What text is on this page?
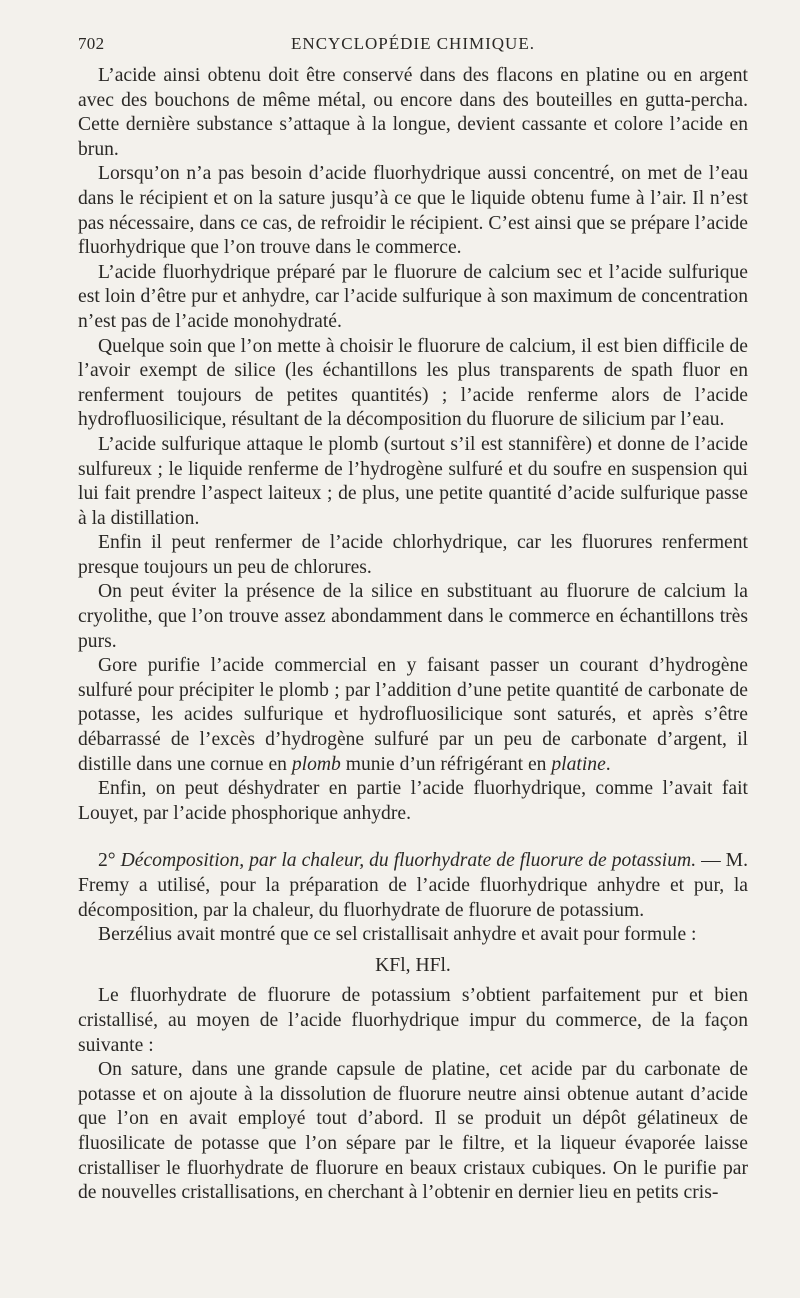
702	ENCYCLOPÉDIE CHIMIQUE.

L’acide ainsi obtenu doit être conservé dans des flacons en platine ou en argent avec des bouchons de même métal, ou encore dans des bouteilles en gutta-percha. Cette dernière substance s’attaque à la longue, devient cassante et colore l’acide en brun.

Lorsqu’on n’a pas besoin d’acide fluorhydrique aussi concentré, on met de l’eau dans le récipient et on la sature jusqu’à ce que le liquide obtenu fume à l’air. Il n’est pas nécessaire, dans ce cas, de refroidir le récipient. C’est ainsi que se prépare l’acide fluorhydrique que l’on trouve dans le commerce.

L’acide fluorhydrique préparé par le fluorure de calcium sec et l’acide sulfurique est loin d’être pur et anhydre, car l’acide sulfurique à son maximum de concentration n’est pas de l’acide monohydraté.

Quelque soin que l’on mette à choisir le fluorure de calcium, il est bien difficile de l’avoir exempt de silice (les échantillons les plus transparents de spath fluor en renferment toujours de petites quantités) ; l’acide renferme alors de l’acide hydrofluosilicique, résultant de la décomposition du fluorure de silicium par l’eau.

L’acide sulfurique attaque le plomb (surtout s’il est stannifère) et donne de l’acide sulfureux ; le liquide renferme de l’hydrogène sulfuré et du soufre en suspension qui lui fait prendre l’aspect laiteux ; de plus, une petite quantité d’acide sulfurique passe à la distillation.

Enfin il peut renfermer de l’acide chlorhydrique, car les fluorures renferment presque toujours un peu de chlorures.

On peut éviter la présence de la silice en substituant au fluorure de calcium la cryolithe, que l’on trouve assez abondamment dans le commerce en échantillons très purs.

Gore purifie l’acide commercial en y faisant passer un courant d’hydrogène sulfuré pour précipiter le plomb ; par l’addition d’une petite quantité de carbonate de potasse, les acides sulfurique et hydrofluosilicique sont saturés, et après s’être débarrassé de l’excès d’hydrogène sulfuré par un peu de carbonate d’argent, il distille dans une cornue en plomb munie d’un réfrigérant en platine.

Enfin, on peut déshydrater en partie l’acide fluorhydrique, comme l’avait fait Louyet, par l’acide phosphorique anhydre.

2° Décomposition, par la chaleur, du fluorhydrate de fluorure de potassium. — M. Fremy a utilisé, pour la préparation de l’acide fluorhydrique anhydre et pur, la décomposition, par la chaleur, du fluorhydrate de fluorure de potassium.

Berzélius avait montré que ce sel cristallisait anhydre et avait pour formule :

KFl, HFl.

Le fluorhydrate de fluorure de potassium s’obtient parfaitement pur et bien cristallisé, au moyen de l’acide fluorhydrique impur du commerce, de la façon suivante :

On sature, dans une grande capsule de platine, cet acide par du carbonate de potasse et on ajoute à la dissolution de fluorure neutre ainsi obtenue autant d’acide que l’on en avait employé tout d’abord. Il se produit un dépôt gélatineux de fluosilicate de potasse que l’on sépare par le filtre, et la liqueur évaporée laisse cristalliser le fluorhydrate de fluorure en beaux cristaux cubiques. On le purifie par de nouvelles cristallisations, en cherchant à l’obtenir en dernier lieu en petits cris-
